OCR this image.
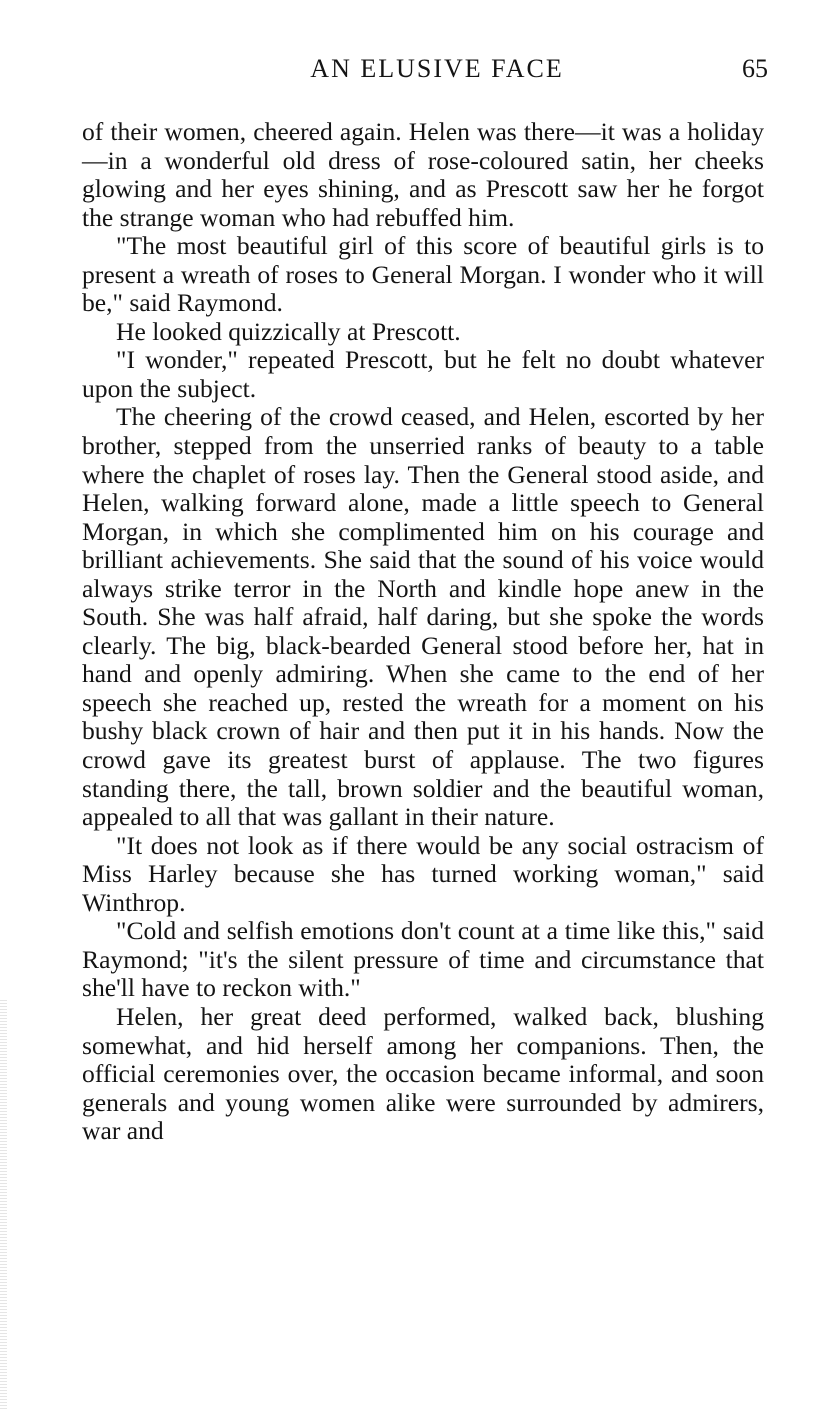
AN ELUSIVE FACE	65

of their women, cheered again. Helen was there—it was a holiday—in a wonderful old dress of rose-coloured satin, her cheeks glowing and her eyes shining, and as Prescott saw her he forgot the strange woman who had rebuffed him.

"The most beautiful girl of this score of beautiful girls is to present a wreath of roses to General Morgan. I wonder who it will be," said Raymond.

He looked quizzically at Prescott.

"I wonder," repeated Prescott, but he felt no doubt whatever upon the subject.

The cheering of the crowd ceased, and Helen, escorted by her brother, stepped from the unserried ranks of beauty to a table where the chaplet of roses lay. Then the General stood aside, and Helen, walking forward alone, made a little speech to General Morgan, in which she complimented him on his courage and brilliant achievements. She said that the sound of his voice would always strike terror in the North and kindle hope anew in the South. She was half afraid, half daring, but she spoke the words clearly. The big, black-bearded General stood before her, hat in hand and openly admiring. When she came to the end of her speech she reached up, rested the wreath for a moment on his bushy black crown of hair and then put it in his hands. Now the crowd gave its greatest burst of applause. The two figures standing there, the tall, brown soldier and the beautiful woman, appealed to all that was gallant in their nature.

"It does not look as if there would be any social ostracism of Miss Harley because she has turned working woman," said Winthrop.

"Cold and selfish emotions don't count at a time like this," said Raymond; "it's the silent pressure of time and circumstance that she'll have to reckon with."

Helen, her great deed performed, walked back, blushing somewhat, and hid herself among her companions. Then, the official ceremonies over, the occasion became informal, and soon generals and young women alike were surrounded by admirers, war and
